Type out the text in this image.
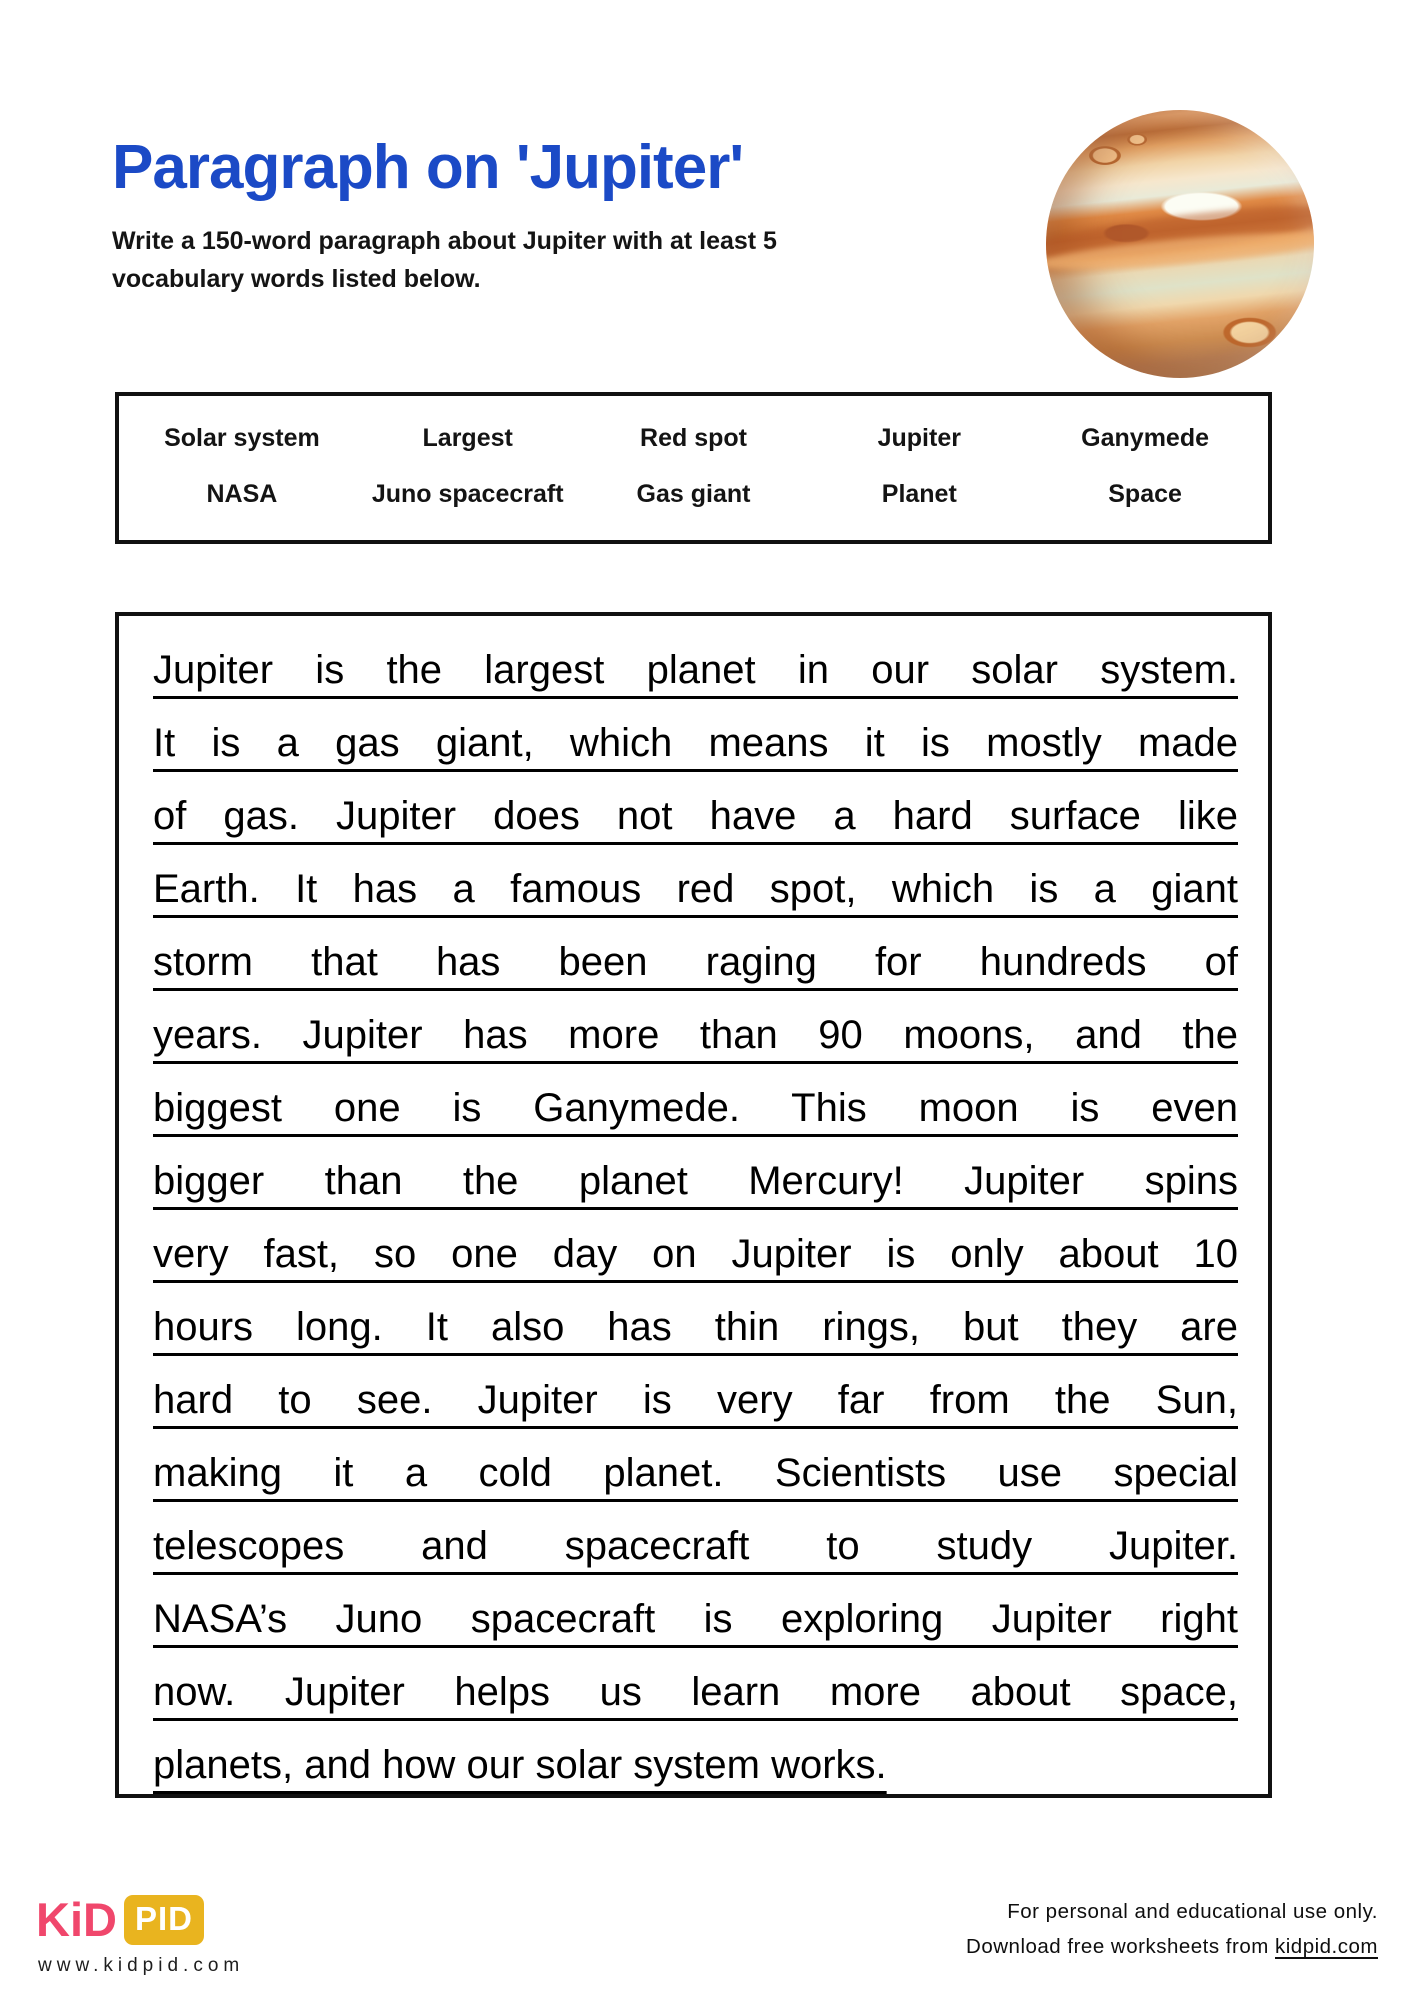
Paragraph on 'Jupiter'
Write a 150-word paragraph about Jupiter with at least 5
vocabulary words listed below.
Solar system	Largest	Red spot	Jupiter	Ganymede
NASA	Juno spacecraft	Gas giant	Planet	Space
Jupiter is the largest planet in our solar system.
It is a gas giant, which means it is mostly made
of gas. Jupiter does not have a hard surface like
Earth. It has a famous red spot, which is a giant
storm that has been raging for hundreds of
years. Jupiter has more than 90 moons, and the
biggest one is Ganymede. This moon is even
bigger than the planet Mercury! Jupiter spins
very fast, so one day on Jupiter is only about 10
hours long. It also has thin rings, but they are
hard to see. Jupiter is very far from the Sun,
making it a cold planet. Scientists use special
telescopes and spacecraft to study Jupiter.
NASA’s Juno spacecraft is exploring Jupiter right
now. Jupiter helps us learn more about space,
planets, and how our solar system works.
KiD PID
www.kidpid.com
For personal and educational use only.
Download free worksheets from kidpid.com
